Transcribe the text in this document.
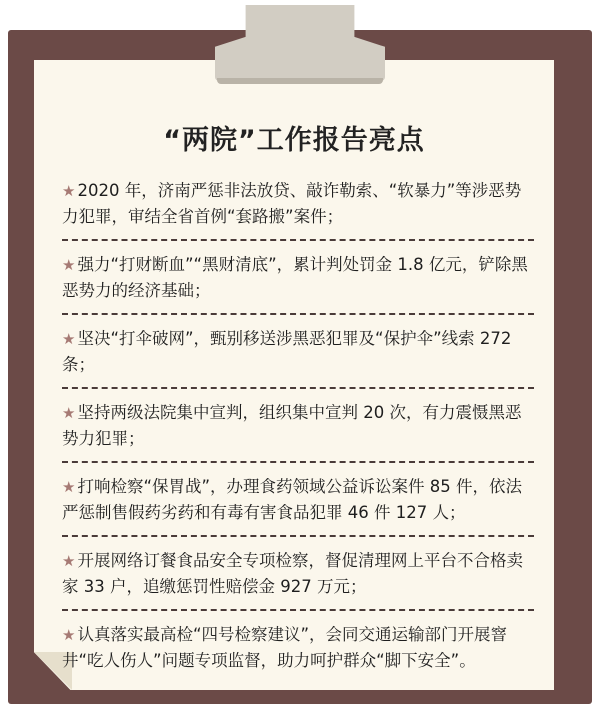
“两院”工作报告亮点
★ 2020 年，济南严惩非法放贷、敲诈勒索、“软暴力”等涉恶势力犯罪，审结全省首例“套路搬”案件；
★ 强力“打财断血”“黑财清底”，累计判处罚金 1.8 亿元，铲除黑恶势力的经济基础；
★ 坚决“打伞破网”，甄别移送涉黑恶犯罪及“保护伞”线索 272 条；
★ 坚持两级法院集中宣判，组织集中宣判 20 次，有力震慑黑恶势力犯罪；
★ 打响检察“保胃战”，办理食药领域公益诉讼案件 85 件，依法严惩制售假药劣药和有毒有害食品犯罪 46 件 127 人；
★ 开展网络订餐食品安全专项检察，督促清理网上平台不合格卖家 33 户，追缴惩罚性赔偿金 927 万元；
★ 认真落实最高检“四号检察建议”，会同交通运输部门开展窨井“吃人伤人”问题专项监督，助力呵护群众“脚下安全”。
